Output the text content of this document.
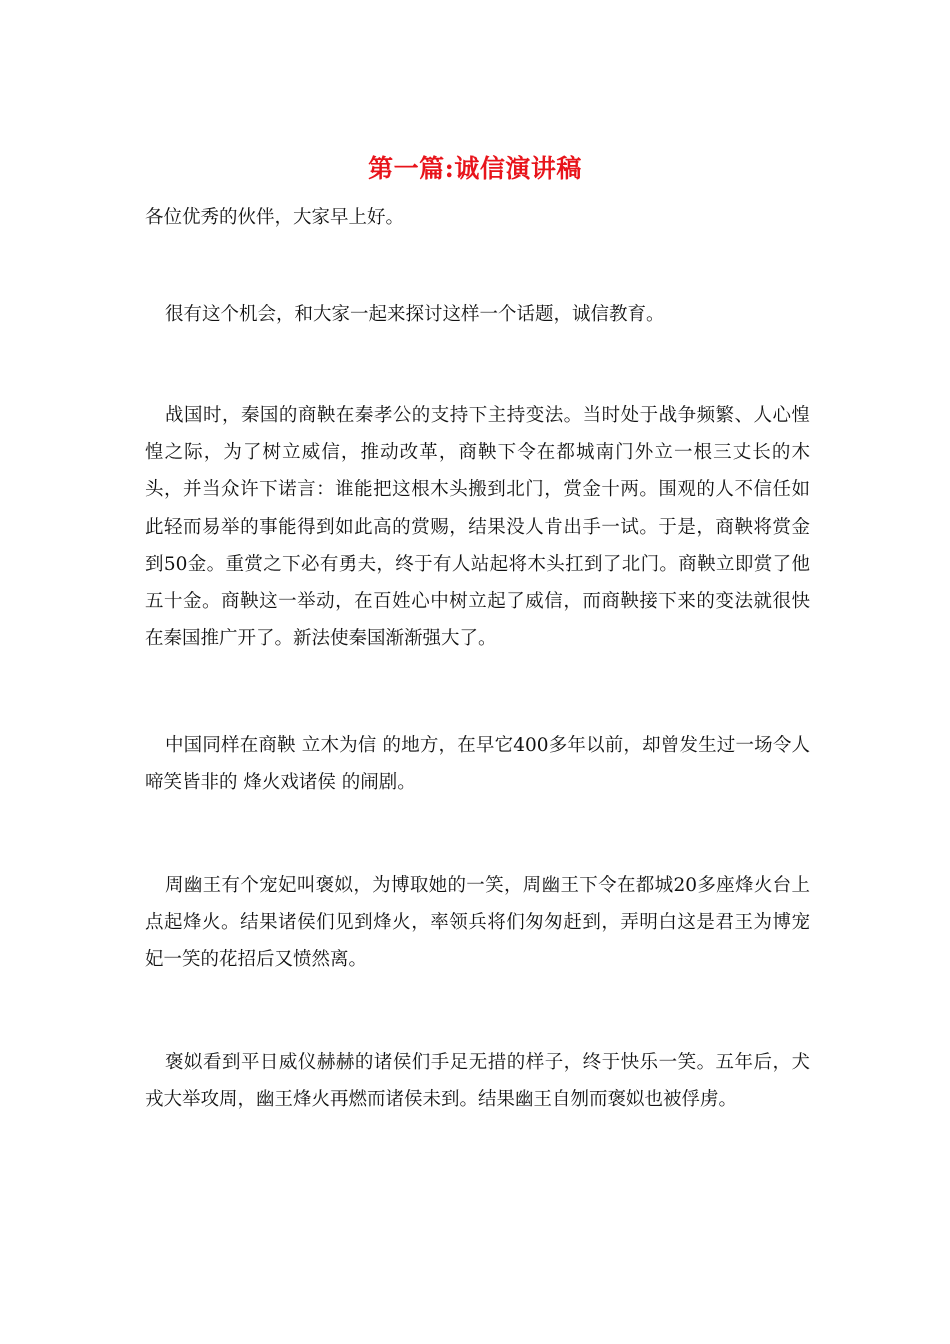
第一篇:诚信演讲稿

各位优秀的伙伴，大家早上好。

很有这个机会，和大家一起来探讨这样一个话题，诚信教育。

战国时，秦国的商鞅在秦孝公的支持下主持变法。当时处于战争频繁、人心惶惶之际，为了树立威信，推动改革，商鞅下令在都城南门外立一根三丈长的木头，并当众许下诺言：谁能把这根木头搬到北门，赏金十两。围观的人不信任如此轻而易举的事能得到如此高的赏赐，结果没人肯出手一试。于是，商鞅将赏金到50金。重赏之下必有勇夫，终于有人站起将木头扛到了北门。商鞅立即赏了他五十金。商鞅这一举动，在百姓心中树立起了威信，而商鞅接下来的变法就很快在秦国推广开了。新法使秦国渐渐强大了。

中国同样在商鞅 立木为信 的地方，在早它400多年以前，却曾发生过一场令人啼笑皆非的 烽火戏诸侯 的闹剧。

周幽王有个宠妃叫褒姒，为博取她的一笑，周幽王下令在都城20多座烽火台上点起烽火。结果诸侯们见到烽火，率领兵将们匆匆赶到，弄明白这是君王为博宠妃一笑的花招后又愤然离。

褒姒看到平日威仪赫赫的诸侯们手足无措的样子，终于快乐一笑。五年后，犬戎大举攻周，幽王烽火再燃而诸侯未到。结果幽王自刎而褒姒也被俘虏。
